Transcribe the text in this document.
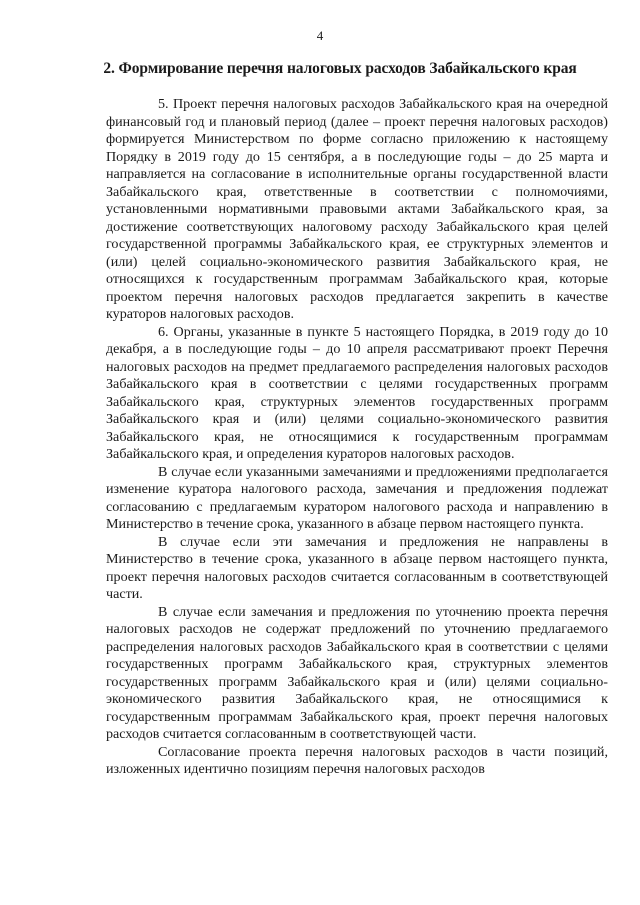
4
2. Формирование перечня налоговых расходов Забайкальского края

5. Проект перечня налоговых расходов Забайкальского края на очередной финансовый год и плановый период (далее – проект перечня налоговых расходов) формируется Министерством по форме согласно приложению к настоящему Порядку в 2019 году до 15 сентября, а в последующие годы – до 25 марта и направляется на согласование в исполнительные органы государственной власти Забайкальского края, ответственные в соответствии с полномочиями, установленными нормативными правовыми актами Забайкальского края, за достижение соответствующих налоговому расходу Забайкальского края целей государственной программы Забайкальского края, ее структурных элементов и (или) целей социально-экономического развития Забайкальского края, не относящихся к государственным программам Забайкальского края, которые проектом перечня налоговых расходов предлагается закрепить в качестве кураторов налоговых расходов.

6. Органы, указанные в пункте 5 настоящего Порядка, в 2019 году до 10 декабря, а в последующие годы – до 10 апреля рассматривают проект Перечня налоговых расходов на предмет предлагаемого распределения налоговых расходов Забайкальского края в соответствии с целями государственных программ Забайкальского края, структурных элементов государственных программ Забайкальского края и (или) целями социально-экономического развития Забайкальского края, не относящимися к государственным программам Забайкальского края, и определения кураторов налоговых расходов.

В случае если указанными замечаниями и предложениями предполагается изменение куратора налогового расхода, замечания и предложения подлежат согласованию с предлагаемым куратором налогового расхода и направлению в Министерство в течение срока, указанного в абзаце первом настоящего пункта.

В случае если эти замечания и предложения не направлены в Министерство в течение срока, указанного в абзаце первом настоящего пункта, проект перечня налоговых расходов считается согласованным в соответствующей части.

В случае если замечания и предложения по уточнению проекта перечня налоговых расходов не содержат предложений по уточнению предлагаемого распределения налоговых расходов Забайкальского края в соответствии с целями государственных программ Забайкальского края, структурных элементов государственных программ Забайкальского края и (или) целями социально-экономического развития Забайкальского края, не относящимися к государственным программам Забайкальского края, проект перечня налоговых расходов считается согласованным в соответствующей части.

Согласование проекта перечня налоговых расходов в части позиций, изложенных идентично позициям перечня налоговых расходов
